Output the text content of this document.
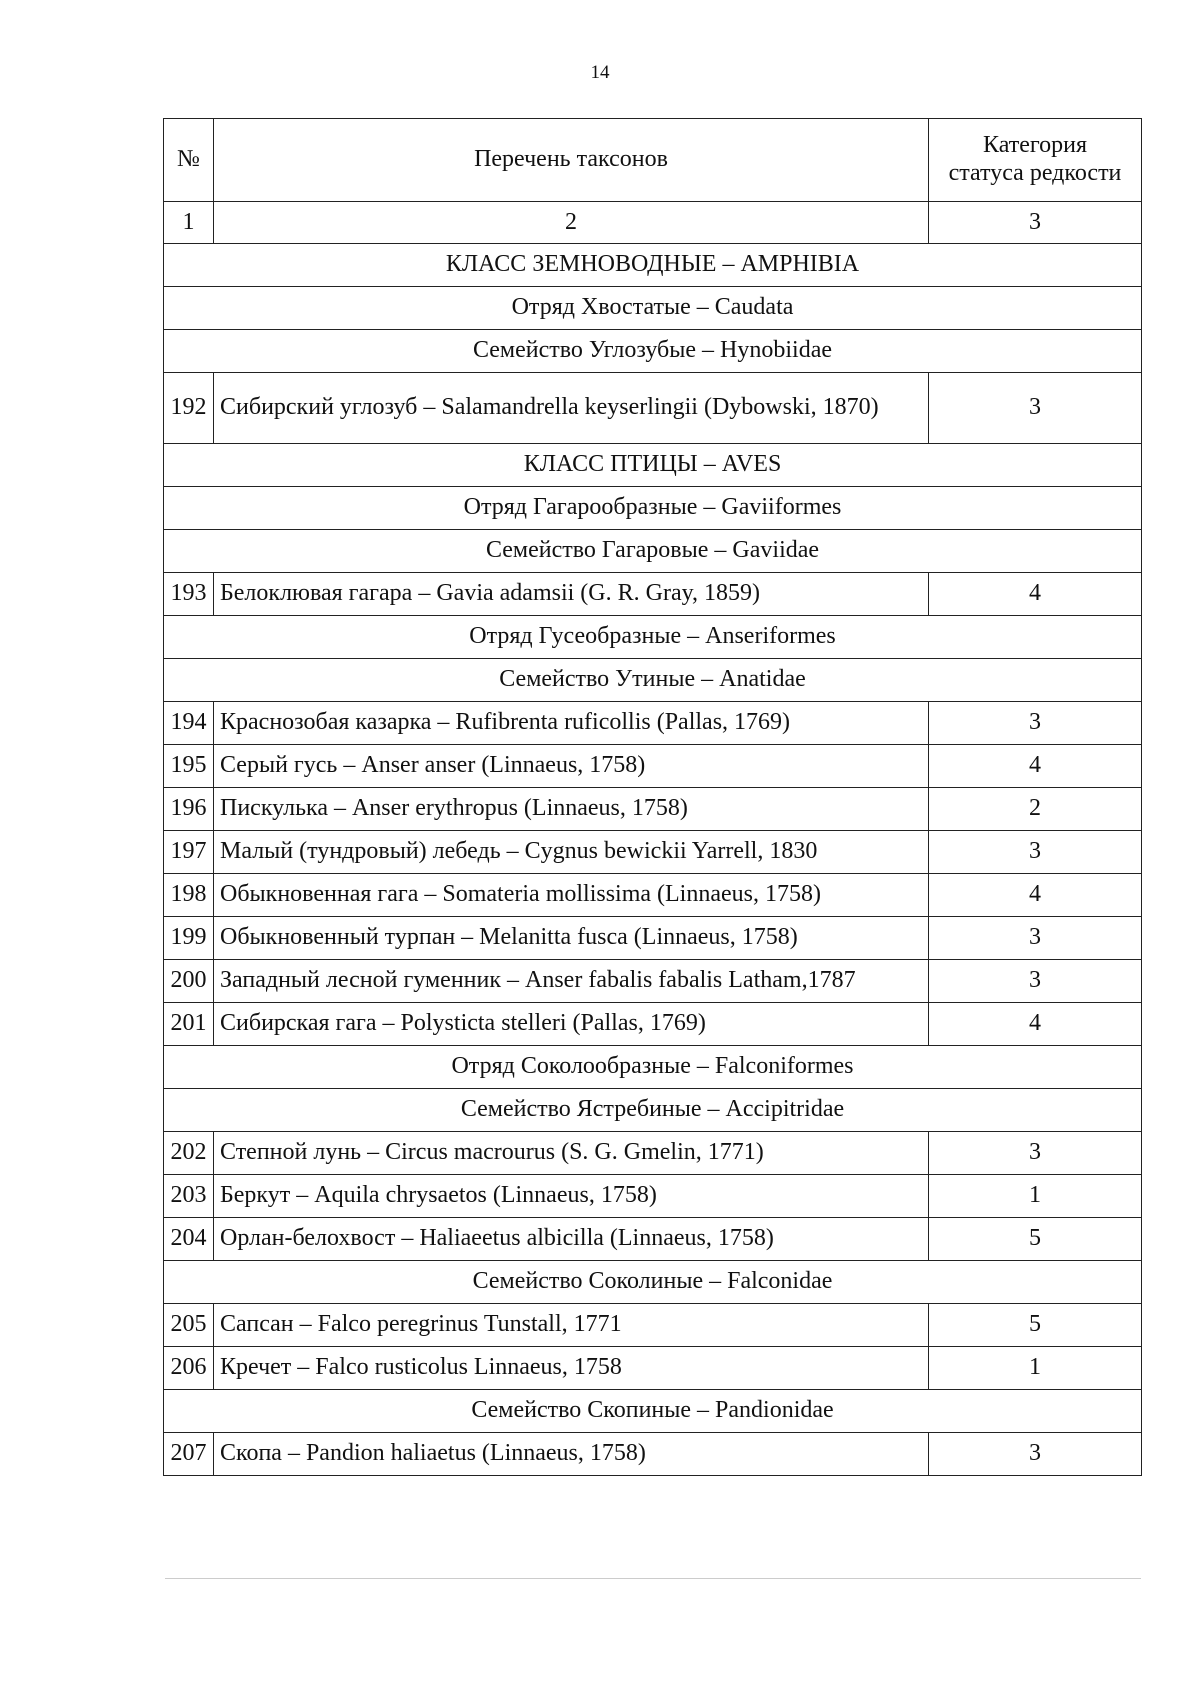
14
№	Перечень таксонов	Категория
статуса редкости
1	2	3
КЛАСС ЗЕМНОВОДНЫЕ – AMPHIBIA		
Отряд Хвостатые – Caudata		
Семейство Углозубые – Hynobiidae		
192	Сибирский углозуб – Salamandrella keyserlingii (Dybowski, 1870)	3
КЛАСС ПТИЦЫ – AVES		
Отряд Гагарообразные – Gaviiformes		
Семейство Гагаровые – Gaviidae		
193	Белоклювая гагара – Gavia adamsii (G. R. Gray, 1859)	4
Отряд Гусеобразные – Anseriformes		
Семейство Утиные – Anatidae		
194	Краснозобая казарка – Rufibrenta ruficollis (Pallas, 1769)	3
195	Серый гусь – Anser anser (Linnaeus, 1758)	4
196	Пискулька – Anser erythropus (Linnaeus, 1758)	2
197	Малый (тундровый) лебедь – Cygnus bewickii Yarrell, 1830	3
198	Обыкновенная гага – Somateria mollissima (Linnaeus, 1758)	4
199	Обыкновенный турпан – Melanitta fusca (Linnaeus, 1758)	3
200	Западный лесной гуменник – Anser fabalis fabalis Latham,1787	3
201	Сибирская гага – Polysticta stelleri (Pallas, 1769)	4
Отряд Соколообразные – Falconiformes		
Семейство Ястребиные – Accipitridae		
202	Степной лунь – Circus macrourus (S. G. Gmelin, 1771)	3
203	Беркут – Aquila chrysaetos (Linnaeus, 1758)	1
204	Орлан-белохвост – Haliaeetus albicilla (Linnaeus, 1758)	5
Семейство Соколиные – Falconidae		
205	Сапсан – Falco peregrinus Tunstall, 1771	5
206	Кречет – Falco rusticolus Linnaeus, 1758	1
Семейство Скопиные – Pandionidae		
207	Скопа – Pandion haliaetus (Linnaeus, 1758)	3
